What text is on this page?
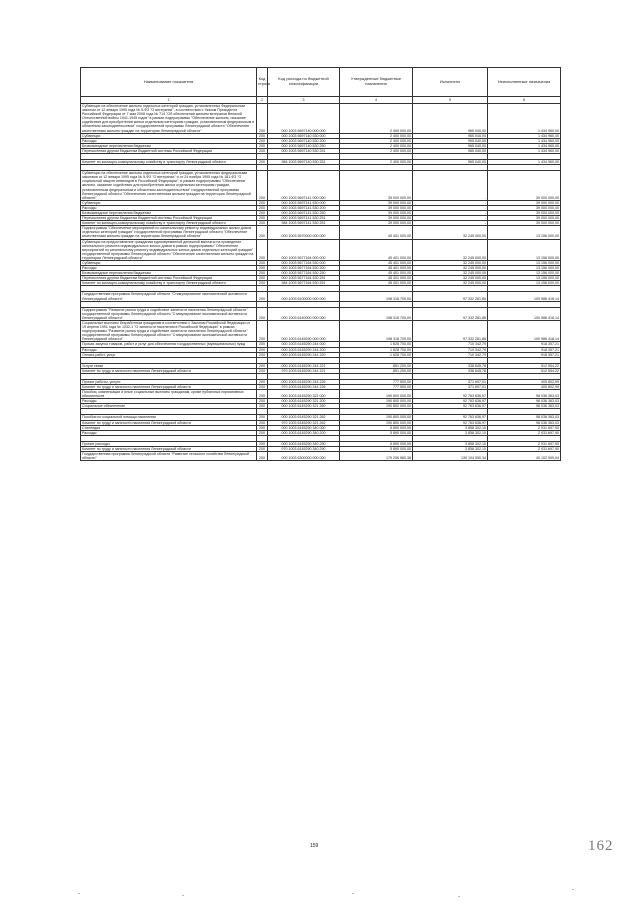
Наименование показателя	Код строки	Код расхода по бюджетной классификации	Утвержденные бюджетные назначения	Исполнено	Неисполненные назначения
1	2	3	4	5	6
Субвенции на обеспечение жильем отдельных категорий граждан, установленных Федеральным законом от 12 января 1995 года № 5-ФЗ "О ветеранах", в соответствии с Указом Президента Российской Федерации от 7 мая 2008 года № 714 "Об обеспечении жильем ветеранов Великой Отечественной войны 1941-1945 годов" в рамках подпрограммы "Обеспечение жильем, оказание содействия для приобретения жилья отдельным категориям граждан, установленным федеральным и областным законодательством" государственной программы Ленинградской области "Обеспечение качественным жильем граждан на территории Ленинградской области"	200	000 1003 5697140 000 000	2 400 000,00	965 040,00	1 434 960,00
Субвенции	200	000 1003 5697140 530 000	2 400 000,00	965 040,00	1 434 960,00
Расходы	200	000 1003 5697140 530 200	2 400 000,00	965 040,00	1 434 960,00
Безвозмездные перечисления бюджетам	200	000 1003 5697140 530 250	2 400 000,00	965 040,00	1 434 960,00
Перечисления другим бюджетам бюджетной системы Российской Федерации	200	000 1003 5697140 530 251	2 400 000,00	965 040,00	1 434 960,00

Комитет по жилищно-коммунальному хозяйству и транспорту Ленинградской области	200	984 1003 5697140 530 251	2 400 000,00	965 040,00	1 434 960,00

Субвенции на обеспечение жильем отдельных категорий граждан, установленных федеральными законами от 12 января 1995 года № 5-ФЗ "О ветеранах" и от 24 ноября 1995 года № 181-ФЗ "О социальной защите инвалидов в Российской Федерации", в рамках подпрограммы "Обеспечение жильем, оказание содействия для приобретения жилья отдельным категориям граждан, установленным федеральным и областным законодательством" государственной программы Ленинградской области "Обеспечение качественным жильем граждан на территории Ленинградской области"	200	000 1003 5697141 000 000	39 000 000,00	-	39 000 000,00
Субвенции	200	000 1003 5697141 530 000	39 000 000,00	-	39 000 000,00
Расходы	200	000 1003 5697141 530 200	39 000 000,00	-	39 000 000,00
Безвозмездные перечисления бюджетам	200	000 1003 5697141 530 250	39 000 000,00	-	39 000 000,00
Перечисления другим бюджетам бюджетной системы Российской Федерации	200	000 1003 5697141 530 251	39 000 000,00	-	39 000 000,00
Комитет по жилищно-коммунальному хозяйству и транспорту Ленинградской области	200	984 1003 5697141 530 251	39 000 000,00	-	39 000 000,00
Подпрограмма "Обеспечение мероприятий по капитальному ремонту индивидуальных жилых домов отдельных категорий граждан" государственной программы Ленинградской области "Обеспечение качественным жильем граждан на территории Ленинградской области"	200	000 1003 5670000 000 000	45 401 000,00	32 245 000,00	13 156 000,00
Субвенции на предоставление гражданам единовременной денежной выплаты на проведение капитального ремонта индивидуальных жилых домов в рамках подпрограммы "Обеспечение мероприятий по капитальному ремонту индивидуальных жилых домов отдельных категорий граждан" государственной программы Ленинградской области "Обеспечение качественным жильем граждан на территории Ленинградской области"	200	000 1003 5677164 000 000	45 401 000,00	32 245 000,00	13 156 000,00
Субвенции	200	000 1003 5677164 530 000	45 401 000,00	32 245 000,00	13 156 000,00
Расходы	200	000 1003 5677164 530 200	45 401 000,00	32 245 000,00	13 156 000,00
Безвозмездные перечисления бюджетам	200	000 1003 5677164 530 250	45 401 000,00	32 245 000,00	13 156 000,00
Перечисления другим бюджетам бюджетной системы Российской Федерации	200	000 1003 5677164 530 251	45 401 000,00	32 245 000,00	13 156 000,00
Комитет по жилищно-коммунальному хозяйству и транспорту Ленинградской области	200	984 1003 5677164 530 251	45 401 000,00	32 245 000,00	13 156 000,00

Государственная программа Ленинградской области "Стимулирование экономической активности Ленинградской области"	200	000 1003 6100000 000 000	198 318 700,00	97 332 281,86	100 986 418,14

Подпрограмма "Развитие рынка труда и содействие занятости населения Ленинградской области" государственной программы Ленинградской области "Стимулирование экономической активности Ленинградской области"	200	000 1003 6140000 000 000	198 318 700,00	97 332 281,86	100 986 418,14
Социальные выплаты безработным гражданам в соответствии с Законом Российской Федерации от 19 апреля 1991 года № 1032-1 "О занятости населения в Российской Федерации" в рамках подпрограммы "Развитие рынка труда и содействие занятости населения Ленинградской области" государственной программы Ленинградской области "Стимулирование экономической активности Ленинградской области"	200	000 1003 6145290 000 000	198 318 700,00	97 332 281,86	100 986 418,14
Прочая закупка товаров, работ и услуг для обеспечения государственных (муниципальных) нужд	200	000 1003 6145290 244 000	1 628 700,00	710 342,79	918 357,21
Расходы	200	000 1003 6145290 244 200	1 628 700,00	710 342,79	918 357,21
Оплата работ, услуг	200	000 1003 6145290 244 220	1 628 700,00	710 342,79	918 357,21

Услуги связи	200	000 1003 6145290 244 221	851 200,00	338 645,78	512 554,22
Комитет по труду и занятости населения Ленинградской области	200	970 1003 6145290 244 221	851 200,00	338 645,78	512 554,22

Прочие работы, услуги	200	000 1003 6145290 244 226	777 500,00	371 697,01	405 802,99
Комитет по труду и занятости населения Ленинградской области	200	970 1003 6145290 244 226	777 500,00	371 697,01	405 802,99
Пособия, компенсации и иные социальные выплаты гражданам, кроме публичных нормативных обязательств	200	000 1003 6145290 321 000	190 800 000,00	92 763 636,97	98 036 363,03
Расходы	200	000 1003 6145290 321 200	190 800 000,00	92 763 636,97	98 036 363,03
Социальное обеспечение	200	000 1003 6145290 321 260	190 800 000,00	92 763 636,97	98 036 363,03

Пособия по социальной помощи населению	200	000 1003 6145290 321 262	190 800 000,00	92 763 636,97	98 036 363,03
Комитет по труду и занятости населения Ленинградской области	200	970 1003 6145290 321 262	190 800 000,00	92 763 636,97	98 036 363,03
Стипендии	200	000 1003 6145290 340 000	5 890 000,00	3 858 302,10	2 031 697,90
Расходы	200	000 1003 6145290 340 200	5 890 000,00	3 858 302,10	2 031 697,90

Прочие расходы	200	000 1003 6145290 340 290	5 890 000,00	3 858 302,10	2 031 697,90
Комитет по труду и занятости населения Ленинградской области	200	970 1003 6145290 340 290	5 890 000,00	3 858 302,10	2 031 697,90
Государственная программа Ленинградской области "Развитие сельского хозяйства Ленинградской области"	200	000 1003 6300000 000 000	179 206 960,38	139 104 050,34	40 102 909,04
159	162
